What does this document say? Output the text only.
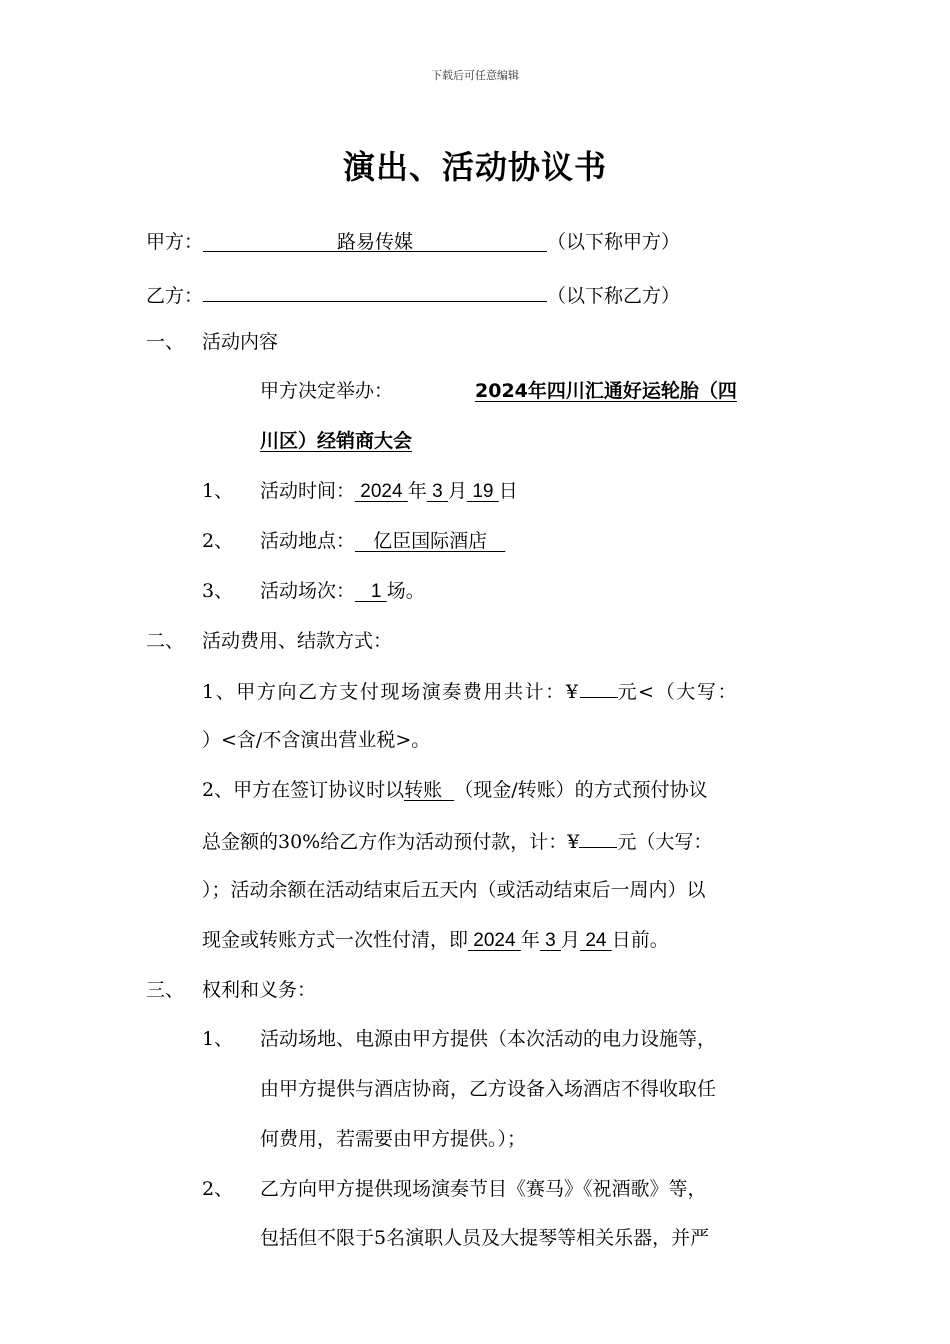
下载后可任意编辑
演出、活动协议书
甲方：	路易传媒	（以下称甲方）
乙方：	（以下称乙方）
一、 活动内容
甲方决定举办：	2024年四川汇通好运轮胎（四
川区）经销商大会
1、 活动时间： 2024 年 3 月 19 日
2、 活动地点： 亿臣国际酒店
3、 活动场次： 1 场。
二、 活动费用、结款方式：
1、甲方向乙方支付现场演奏费用共计：¥ 元<（大写：
）<含/不含演出营业税>。
2、甲方在签订协议时以转账 （现金/转账）的方式预付协议
总金额的30%给乙方作为活动预付款，计：¥ 元（大写：
）；活动余额在活动结束后五天内（或活动结束后一周内）以
现金或转账方式一次性付清，即 2024 年 3 月 24 日前。
三、 权利和义务：
1、 活动场地、电源由甲方提供（本次活动的电力设施等，
由甲方提供与酒店协商，乙方设备入场酒店不得收取任
何费用，若需要由甲方提供。）；
2、 乙方向甲方提供现场演奏节目《赛马》《祝酒歌》等，
包括但不限于5名演职人员及大提琴等相关乐器，并严
